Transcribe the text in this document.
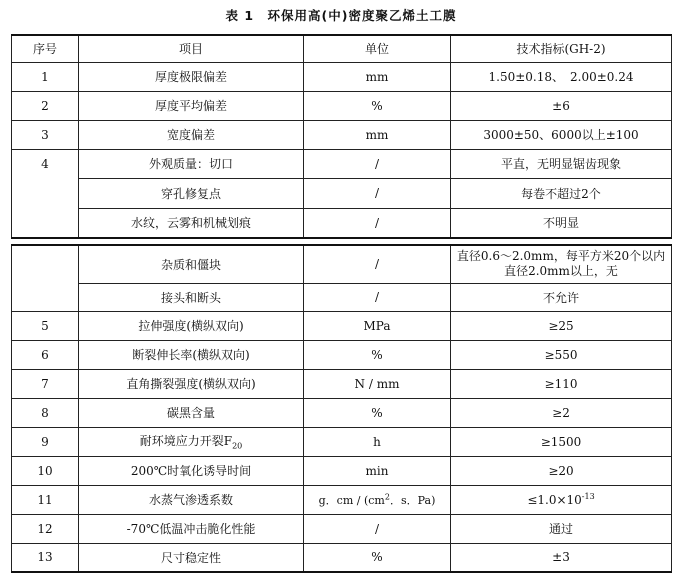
表 1　环保用高(中)密度聚乙烯土工膜
序号	项目	单位	技术指标(GH-2)
1	厚度极限偏差	mm	1.50±0.18、　2.00±0.24
2	厚度平均偏差	%	±6
3	宽度偏差	mm	3000±50、6000以上±100
4	外观质量：切口	/	平直，无明显锯齿现象
	穿孔修复点	/	每卷不超过2个
	水纹，云雾和机械划痕	/	不明显
	杂质和僵块	/	直径0.6～2.0mm，每平方米20个以内直径2.0mm以上，无
	接头和断头	/	不允许
5	拉伸强度(横纵双向)	MPa	≥25
6	断裂伸长率(横纵双向)	%	≥550
7	直角撕裂强度(横纵双向)	N / mm	≥110
8	碳黑含量	%	≥2
9	耐环境应力开裂$F_{20}$	h	≥1500
10	200℃时氧化诱导时间	min	≥20
11	水蒸气渗透系数	g．cm / ($cm^2$．s．Pa)	$\le 1.0\times 10^{-13}$
12	-70℃低温冲击脆化性能	/	通过
13	尺寸稳定性	%	±3
